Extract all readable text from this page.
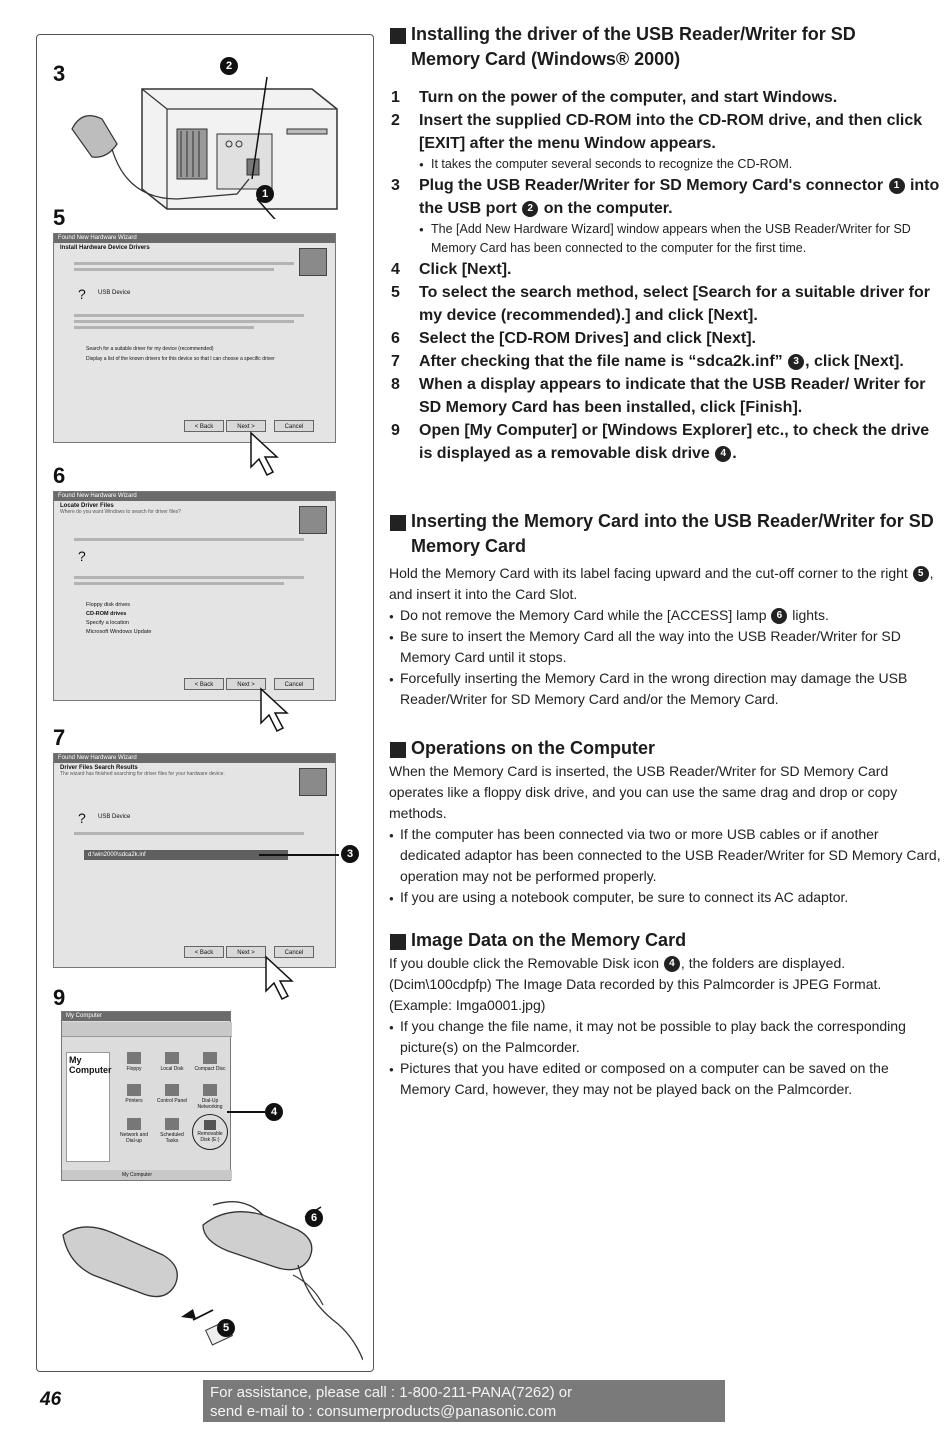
3	2
1
5
Found New Hardware Wizard
Install Hardware Device Drivers
? USB Device
Search for a suitable driver for my device (recommended)
Display a list of the known drivers for this device so that I can choose a specific driver
< Back	Next >	Cancel
6
Found New Hardware Wizard
Locate Driver Files
Where do you want Windows to search for driver files?
?
Floppy disk drives
CD-ROM drives
Specify a location
Microsoft Windows Update
< Back	Next >	Cancel
7
Found New Hardware Wizard
Driver Files Search Results
The wizard has finished searching for driver files for your hardware device.
? USB Device
d:\win2000\sdca2k.inf
< Back	Next >	Cancel
3
9
My Computer
My Computer	Floppy	Local Disk	Compact Disc
Printers	Control Panel	Dial-Up Networking
Network and Dial-up
Scheduled Tasks
Removable Disk (E:)
My Computer
4
6
5
Installing the driver of the USB Reader/Writer for SD Memory Card (Windows® 2000)
1 Turn on the power of the computer, and start Windows.
2 Insert the supplied CD-ROM into the CD-ROM drive, and then click [EXIT] after the menu Window appears.
● It takes the computer several seconds to recognize the CD-ROM.
3 Plug the USB Reader/Writer for SD Memory Card's connector 1 into the USB port 2 on the computer.
● The [Add New Hardware Wizard] window appears when the USB Reader/Writer for SD Memory Card has been connected to the computer for the first time.
4 Click [Next].
5 To select the search method, select [Search for a suitable driver for my device (recommended).] and click [Next].
6 Select the [CD-ROM Drives] and click [Next].
7 After checking that the file name is “sdca2k.inf” 3 , click [Next].
8 When a display appears to indicate that the USB Reader/ Writer for SD Memory Card has been installed, click [Finish].
9 Open [My Computer] or [Windows Explorer] etc., to check the drive is displayed as a removable disk drive 4 .
Inserting the Memory Card into the USB Reader/Writer for SD Memory Card

Hold the Memory Card with its label facing upward and the cut-off corner to the right 5 , and insert it into the Card Slot.

● Do not remove the Memory Card while the [ACCESS] lamp 6 lights.
● Be sure to insert the Memory Card all the way into the USB Reader/Writer for SD Memory Card until it stops.
● Forcefully inserting the Memory Card in the wrong direction may damage the USB Reader/Writer for SD Memory Card and/or the Memory Card.
Operations on the Computer

When the Memory Card is inserted, the USB Reader/Writer for SD Memory Card operates like a floppy disk drive, and you can use the same drag and drop or copy methods.

● If the computer has been connected via two or more USB cables or if another dedicated adaptor has been connected to the USB Reader/Writer for SD Memory Card, operation may not be performed properly.
● If you are using a notebook computer, be sure to connect its AC adaptor.
Image Data on the Memory Card

If you double click the Removable Disk icon 4 , the folders are displayed. (Dcim\100cdpfp) The Image Data recorded by this Palmcorder is JPEG Format. (Example: Imga0001.jpg)

● If you change the file name, it may not be possible to play back the corresponding picture(s) on the Palmcorder.
● Pictures that you have edited or composed on a computer can be saved on the Memory Card, however, they may not be played back on the Palmcorder.
46	For assistance, please call : 1-800-211-PANA(7262) or
send e-mail to : consumerproducts@panasonic.com
